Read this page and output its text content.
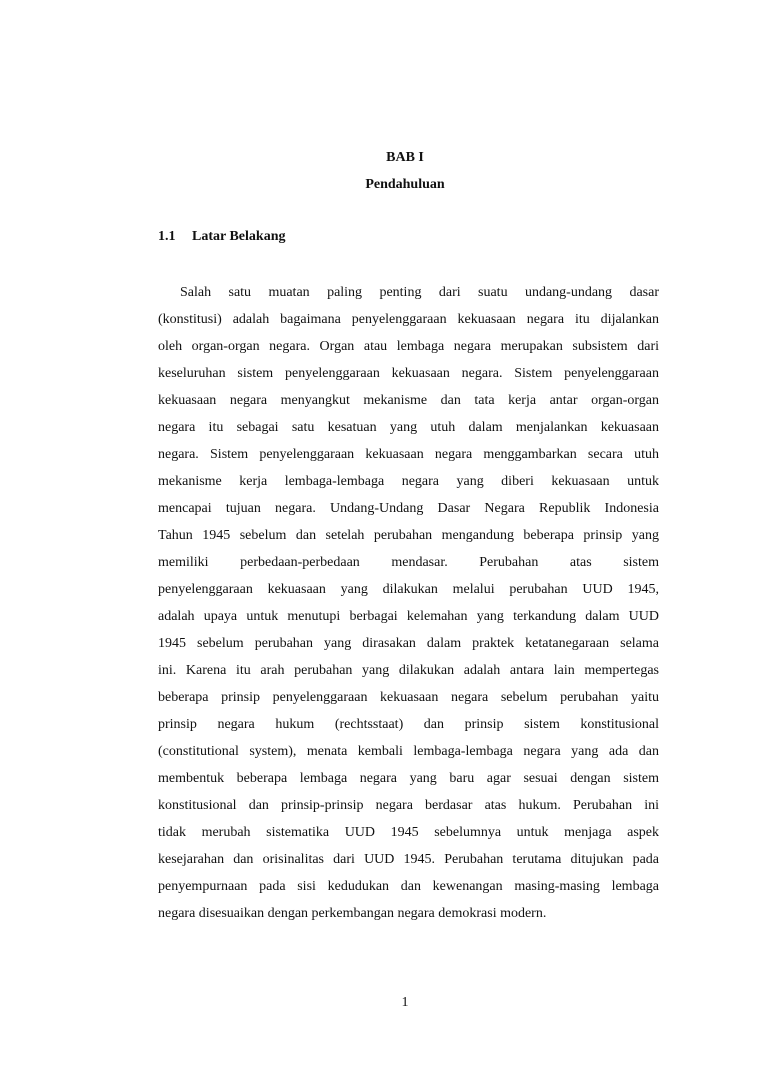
BAB I
Pendahuluan
1.1 Latar Belakang
Salah satu muatan paling penting dari suatu undang-undang dasar
(konstitusi) adalah bagaimana penyelenggaraan kekuasaan negara itu dijalankan
oleh organ-organ negara. Organ atau lembaga negara merupakan subsistem dari
keseluruhan sistem penyelenggaraan kekuasaan negara. Sistem penyelenggaraan
kekuasaan negara menyangkut mekanisme dan tata kerja antar organ-organ
negara itu sebagai satu kesatuan yang utuh dalam menjalankan kekuasaan
negara. Sistem penyelenggaraan kekuasaan negara menggambarkan secara utuh
mekanisme kerja lembaga-lembaga negara yang diberi kekuasaan untuk
mencapai tujuan negara. Undang-Undang Dasar Negara Republik Indonesia
Tahun 1945 sebelum dan setelah perubahan mengandung beberapa prinsip yang
memiliki perbedaan-perbedaan mendasar. Perubahan atas sistem
penyelenggaraan kekuasaan yang dilakukan melalui perubahan UUD 1945,
adalah upaya untuk menutupi berbagai kelemahan yang terkandung dalam UUD
1945 sebelum perubahan yang dirasakan dalam praktek ketatanegaraan selama
ini. Karena itu arah perubahan yang dilakukan adalah antara lain mempertegas
beberapa prinsip penyelenggaraan kekuasaan negara sebelum perubahan yaitu
prinsip negara hukum (rechtsstaat) dan prinsip sistem konstitusional
(constitutional system), menata kembali lembaga-lembaga negara yang ada dan
membentuk beberapa lembaga negara yang baru agar sesuai dengan sistem
konstitusional dan prinsip-prinsip negara berdasar atas hukum. Perubahan ini
tidak merubah sistematika UUD 1945 sebelumnya untuk menjaga aspek
kesejarahan dan orisinalitas dari UUD 1945. Perubahan terutama ditujukan pada
penyempurnaan pada sisi kedudukan dan kewenangan masing-masing lembaga
negara disesuaikan dengan perkembangan negara demokrasi modern.
1
